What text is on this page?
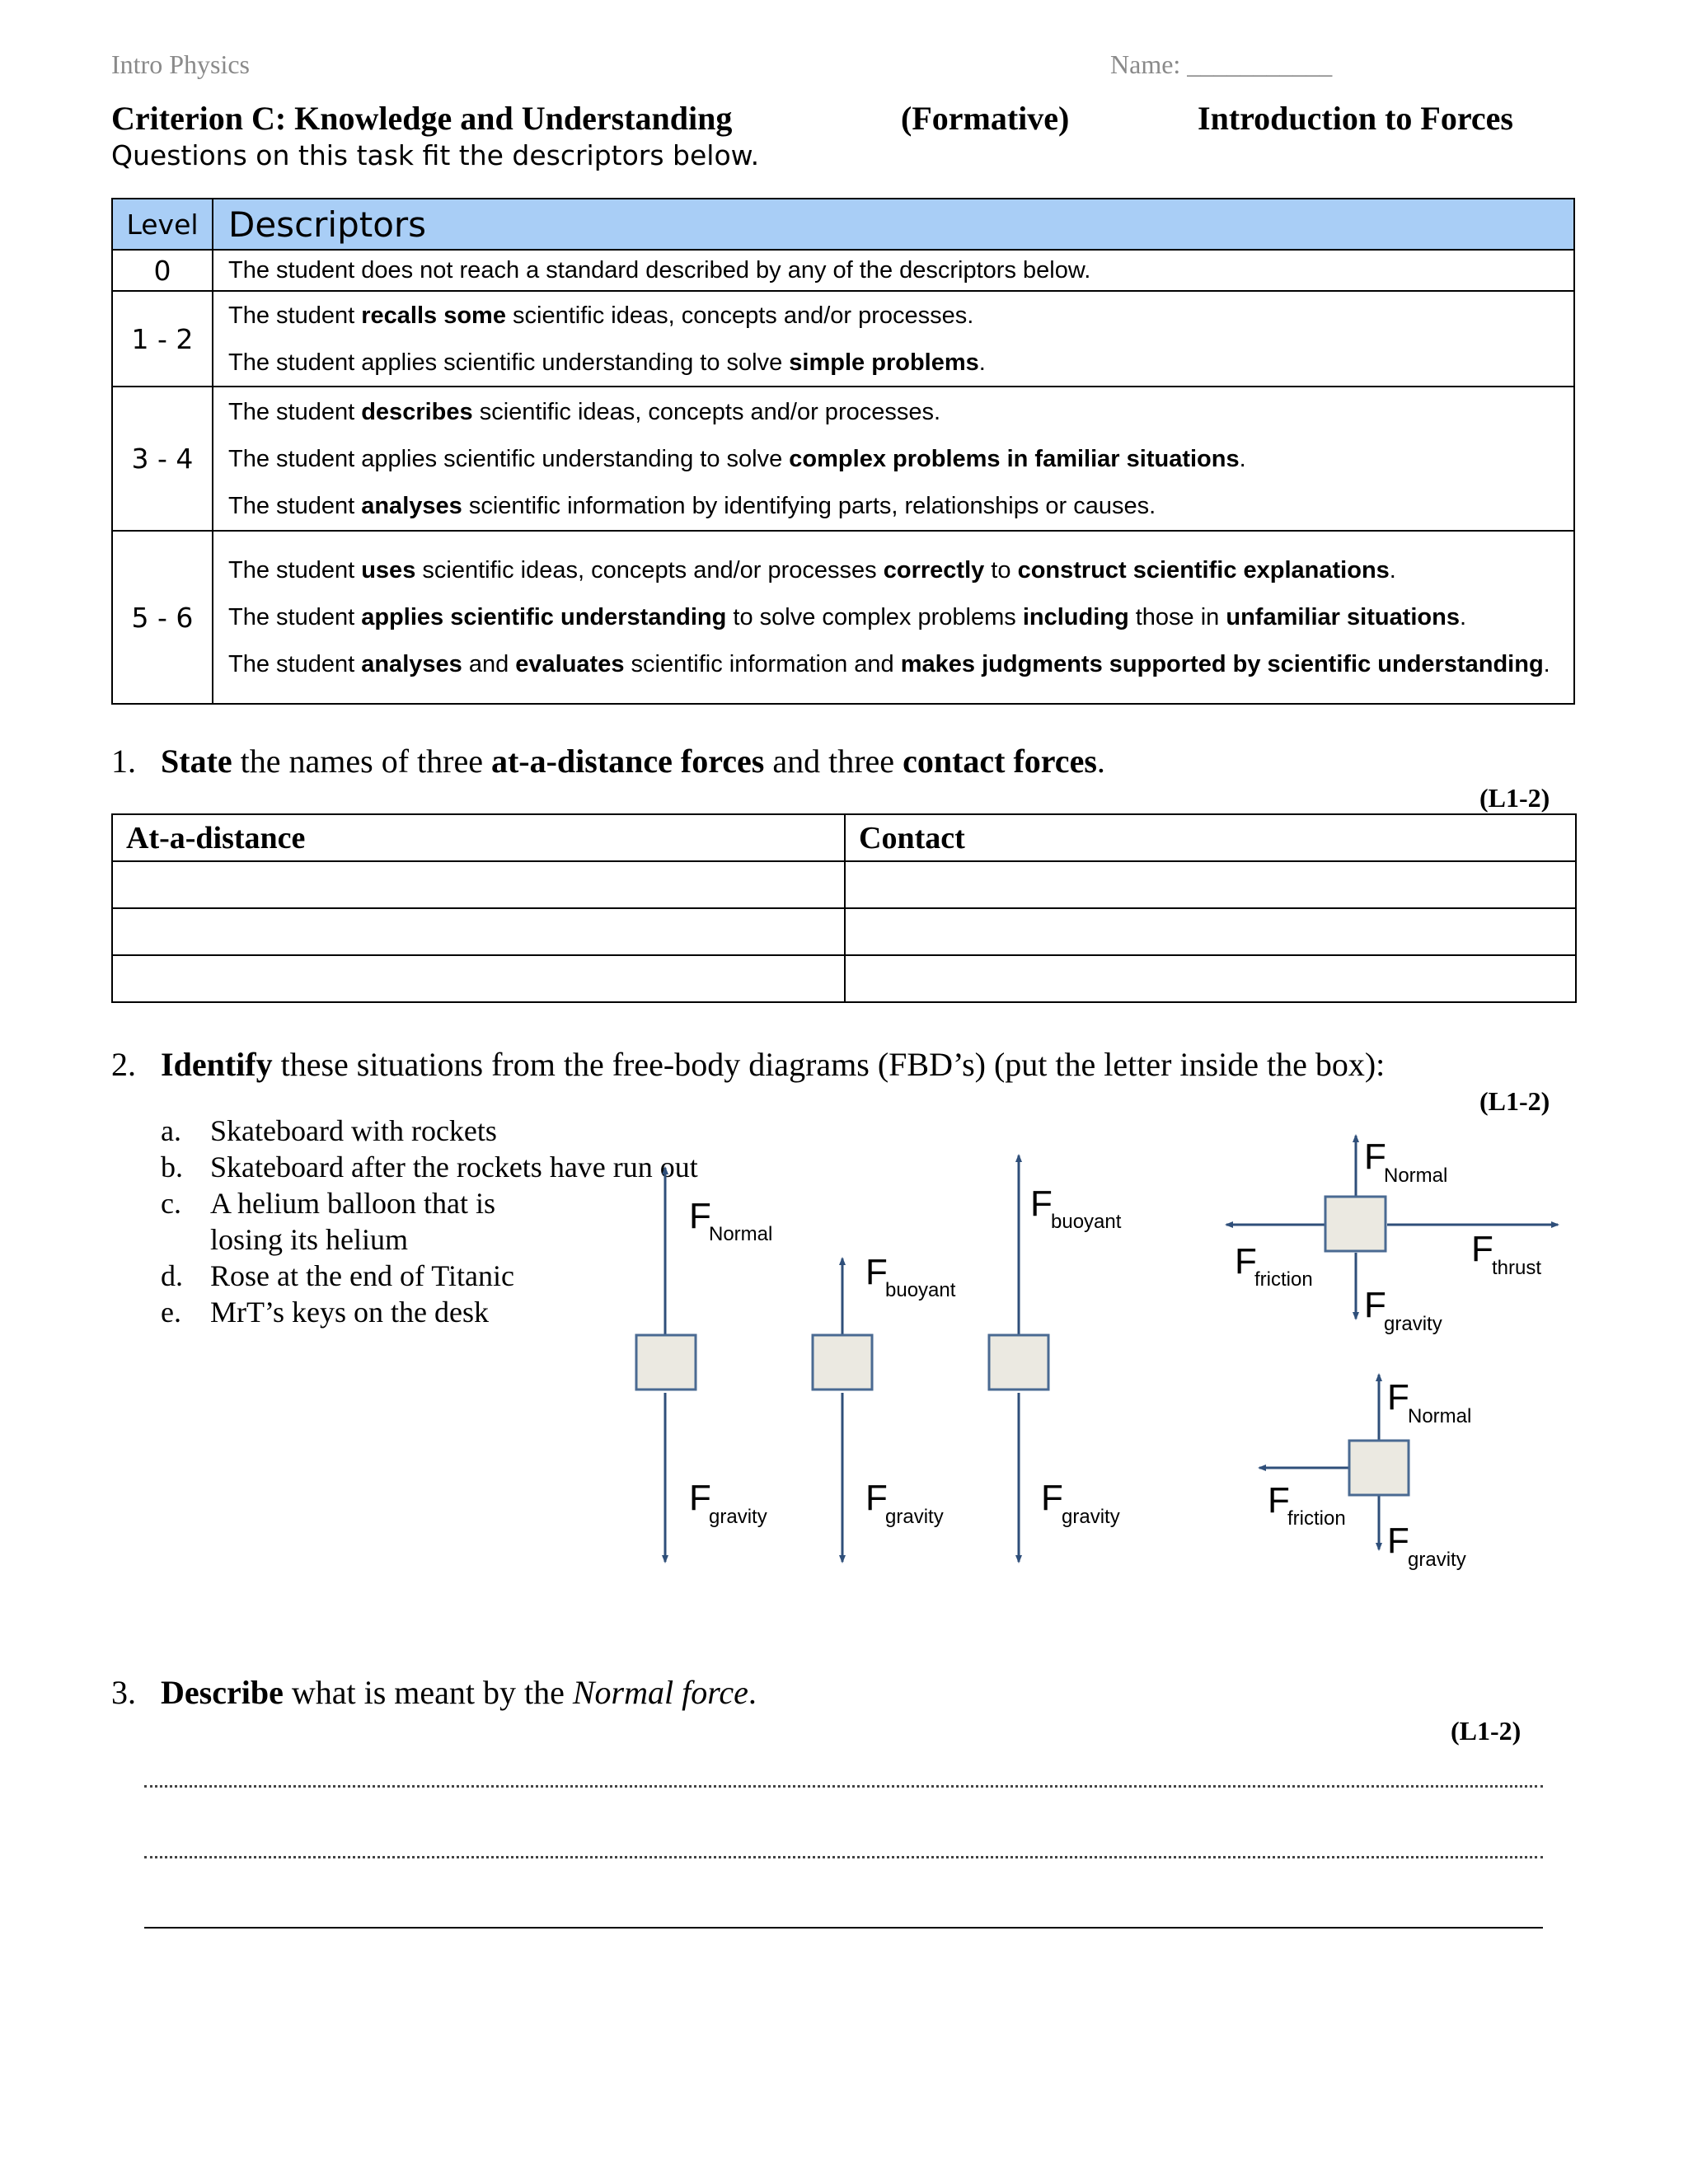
Intro Physics	Name: ___________
Criterion C: Knowledge and Understanding	(Formative)	Introduction to Forces
Questions on this task fit the descriptors below.
Level	Descriptors
0	The student does not reach a standard described by any of the descriptors below.

1 - 2	The student recalls some scientific ideas, concepts and/or processes.

The student applies scientific understanding to solve simple problems.

3 - 4	The student describes scientific ideas, concepts and/or processes.

The student applies scientific understanding to solve complex problems in familiar situations.

The student analyses scientific information by identifying parts, relationships or causes.

5 - 6	The student uses scientific ideas, concepts and/or processes correctly to construct scientific explanations.

The student applies scientific understanding to solve complex problems including those in unfamiliar situations.

The student analyses and evaluates scientific information and makes judgments supported by scientific understanding.

1. State the names of three at-a-distance forces and three contact forces.
(L1-2)
At-a-distance	Contact

2. Identify these situations from the free-body diagrams (FBD’s) (put the letter inside the box):
(L1-2)
a. Skateboard with rockets
b. Skateboard after the rockets have run out
c. A helium balloon that is losing its helium
d. Rose at the end of Titanic
e. MrT’s keys on the desk
F
Normal
F
gravity
F
buoyant
F
gravity
F
buoyant
F
gravity
F
Normal
F
friction
F
thrust
F
gravity
F
Normal
F
friction
F
gravity
3. Describe what is meant by the Normal force.
(L1-2)
